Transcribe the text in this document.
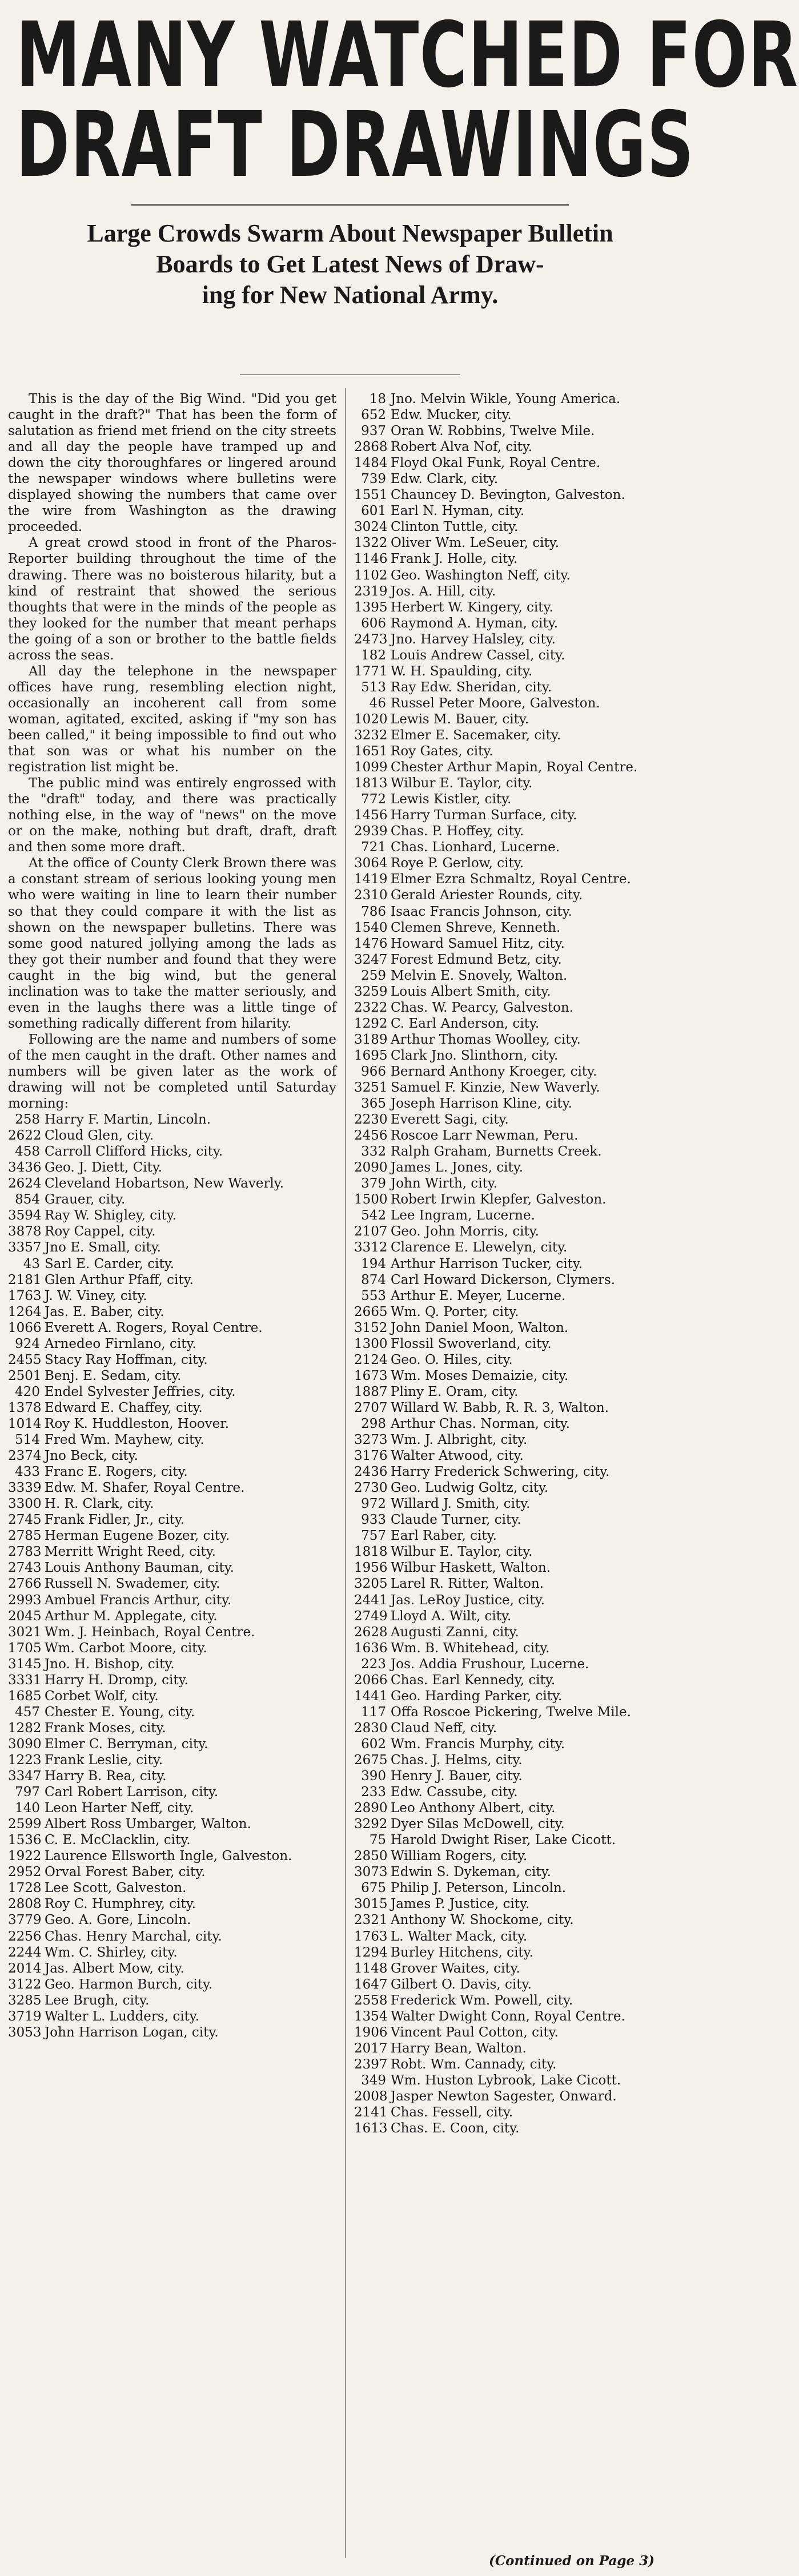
MANY WATCHED FOR
DRAFT DRAWINGS
Large Crowds Swarm About Newspaper Bulletin
Boards to Get Latest News of Draw-
ing for New National Army.

This is the day of the Big Wind. "Did you get caught in the draft?" That has been the form of salutation as friend met friend on the city streets and all day the people have tramped up and down the city thoroughfares or lingered around the newspaper windows where bulletins were displayed showing the numbers that came over the wire from Washington as the drawing proceeded.

A great crowd stood in front of the Pharos-Reporter building throughout the time of the drawing. There was no boisterous hilarity, but a kind of restraint that showed the serious thoughts that were in the minds of the people as they looked for the number that meant perhaps the going of a son or brother to the battle fields across the seas.

All day the telephone in the newspaper offices have rung, resembling election night, occasionally an incoherent call from some woman, agitated, excited, asking if "my son has been called," it being impossible to find out who that son was or what his number on the registration list might be.

The public mind was entirely engrossed with the "draft" today, and there was practically nothing else, in the way of "news" on the move or on the make, nothing but draft, draft, draft and then some more draft.

At the office of County Clerk Brown there was a constant stream of serious looking young men who were waiting in line to learn their number so that they could compare it with the list as shown on the newspaper bulletins. There was some good natured jollying among the lads as they got their number and found that they were caught in the big wind, but the general inclination was to take the matter seriously, and even in the laughs there was a little tinge of something radically different from hilarity.

Following are the name and numbers of some of the men caught in the draft. Other names and numbers will be given later as the work of drawing will not be completed until Saturday morning:

258 Harry F. Martin, Lincoln.
2622 Cloud Glen, city.
458 Carroll Clifford Hicks, city.
3436 Geo. J. Diett, City.
2624 Cleveland Hobartson, New Waverly.
854 Grauer, city.
3594 Ray W. Shigley, city.
3878 Roy Cappel, city.
3357 Jno E. Small, city.
43 Sarl E. Carder, city.
2181 Glen Arthur Pfaff, city.
1763 J. W. Viney, city.
1264 Jas. E. Baber, city.
1066 Everett A. Rogers, Royal Centre.
924 Arnedeo Firnlano, city.
2455 Stacy Ray Hoffman, city.
2501 Benj. E. Sedam, city.
420 Endel Sylvester Jeffries, city.
1378 Edward E. Chaffey, city.
1014 Roy K. Huddleston, Hoover.
514 Fred Wm. Mayhew, city.
2374 Jno Beck, city.
433 Franc E. Rogers, city.
3339 Edw. M. Shafer, Royal Centre.
3300 H. R. Clark, city.
2745 Frank Fidler, Jr., city.
2785 Herman Eugene Bozer, city.
2783 Merritt Wright Reed, city.
2743 Louis Anthony Bauman, city.
2766 Russell N. Swademer, city.
2993 Ambuel Francis Arthur, city.
2045 Arthur M. Applegate, city.
3021 Wm. J. Heinbach, Royal Centre.
1705 Wm. Carbot Moore, city.
3145 Jno. H. Bishop, city.
3331 Harry H. Dromp, city.
1685 Corbet Wolf, city.
457 Chester E. Young, city.
1282 Frank Moses, city.
3090 Elmer C. Berryman, city.
1223 Frank Leslie, city.
3347 Harry B. Rea, city.
797 Carl Robert Larrison, city.
140 Leon Harter Neff, city.
2599 Albert Ross Umbarger, Walton.
1536 C. E. McClacklin, city.
1922 Laurence Ellsworth Ingle, Galveston.
2952 Orval Forest Baber, city.
1728 Lee Scott, Galveston.
2808 Roy C. Humphrey, city.
3779 Geo. A. Gore, Lincoln.
2256 Chas. Henry Marchal, city.
2244 Wm. C. Shirley, city.
2014 Jas. Albert Mow, city.
3122 Geo. Harmon Burch, city.
3285 Lee Brugh, city.
3719 Walter L. Ludders, city.
3053 John Harrison Logan, city.
18 Jno. Melvin Wikle, Young America.
652 Edw. Mucker, city.
937 Oran W. Robbins, Twelve Mile.
2868 Robert Alva Nof, city.
1484 Floyd Okal Funk, Royal Centre.
739 Edw. Clark, city.
1551 Chauncey D. Bevington, Galveston.
601 Earl N. Hyman, city.
3024 Clinton Tuttle, city.
1322 Oliver Wm. LeSeuer, city.
1146 Frank J. Holle, city.
1102 Geo. Washington Neff, city.
2319 Jos. A. Hill, city.
1395 Herbert W. Kingery, city.
606 Raymond A. Hyman, city.
2473 Jno. Harvey Halsley, city.
182 Louis Andrew Cassel, city.
1771 W. H. Spaulding, city.
513 Ray Edw. Sheridan, city.
46 Russel Peter Moore, Galveston.
1020 Lewis M. Bauer, city.
3232 Elmer E. Sacemaker, city.
1651 Roy Gates, city.
1099 Chester Arthur Mapin, Royal Centre.
1813 Wilbur E. Taylor, city.
772 Lewis Kistler, city.
1456 Harry Turman Surface, city.
2939 Chas. P. Hoffey, city.
721 Chas. Lionhard, Lucerne.
3064 Roye P. Gerlow, city.
1419 Elmer Ezra Schmaltz, Royal Centre.
2310 Gerald Ariester Rounds, city.
786 Isaac Francis Johnson, city.
1540 Clemen Shreve, Kenneth.
1476 Howard Samuel Hitz, city.
3247 Forest Edmund Betz, city.
259 Melvin E. Snovely, Walton.
3259 Louis Albert Smith, city.
2322 Chas. W. Pearcy, Galveston.
1292 C. Earl Anderson, city.
3189 Arthur Thomas Woolley, city.
1695 Clark Jno. Slinthorn, city.
966 Bernard Anthony Kroeger, city.
3251 Samuel F. Kinzie, New Waverly.
365 Joseph Harrison Kline, city.
2230 Everett Sagi, city.
2456 Roscoe Larr Newman, Peru.
332 Ralph Graham, Burnetts Creek.
2090 James L. Jones, city.
379 John Wirth, city.
1500 Robert Irwin Klepfer, Galveston.
542 Lee Ingram, Lucerne.
2107 Geo. John Morris, city.
3312 Clarence E. Llewelyn, city.
194 Arthur Harrison Tucker, city.
874 Carl Howard Dickerson, Clymers.
553 Arthur E. Meyer, Lucerne.
2665 Wm. Q. Porter, city.
3152 John Daniel Moon, Walton.
1300 Flossil Swoverland, city.
2124 Geo. O. Hiles, city.
1673 Wm. Moses Demaizie, city.
1887 Pliny E. Oram, city.
2707 Willard W. Babb, R. R. 3, Walton.
298 Arthur Chas. Norman, city.
3273 Wm. J. Albright, city.
3176 Walter Atwood, city.
2436 Harry Frederick Schwering, city.
2730 Geo. Ludwig Goltz, city.
972 Willard J. Smith, city.
933 Claude Turner, city.
757 Earl Raber, city.
1818 Wilbur E. Taylor, city.
1956 Wilbur Haskett, Walton.
3205 Larel R. Ritter, Walton.
2441 Jas. LeRoy Justice, city.
2749 Lloyd A. Wilt, city.
2628 Augusti Zanni, city.
1636 Wm. B. Whitehead, city.
223 Jos. Addia Frushour, Lucerne.
2066 Chas. Earl Kennedy, city.
1441 Geo. Harding Parker, city.
117 Offa Roscoe Pickering, Twelve Mile.
2830 Claud Neff, city.
602 Wm. Francis Murphy, city.
2675 Chas. J. Helms, city.
390 Henry J. Bauer, city.
233 Edw. Cassube, city.
2890 Leo Anthony Albert, city.
3292 Dyer Silas McDowell, city.
75 Harold Dwight Riser, Lake Cicott.
2850 William Rogers, city.
3073 Edwin S. Dykeman, city.
675 Philip J. Peterson, Lincoln.
3015 James P. Justice, city.
2321 Anthony W. Shockome, city.
1763 L. Walter Mack, city.
1294 Burley Hitchens, city.
1148 Grover Waites, city.
1647 Gilbert O. Davis, city.
2558 Frederick Wm. Powell, city.
1354 Walter Dwight Conn, Royal Centre.
1906 Vincent Paul Cotton, city.
2017 Harry Bean, Walton.
2397 Robt. Wm. Cannady, city.
349 Wm. Huston Lybrook, Lake Cicott.
2008 Jasper Newton Sagester, Onward.
2141 Chas. Fessell, city.
1613 Chas. E. Coon, city.
(Continued on Page 3)
